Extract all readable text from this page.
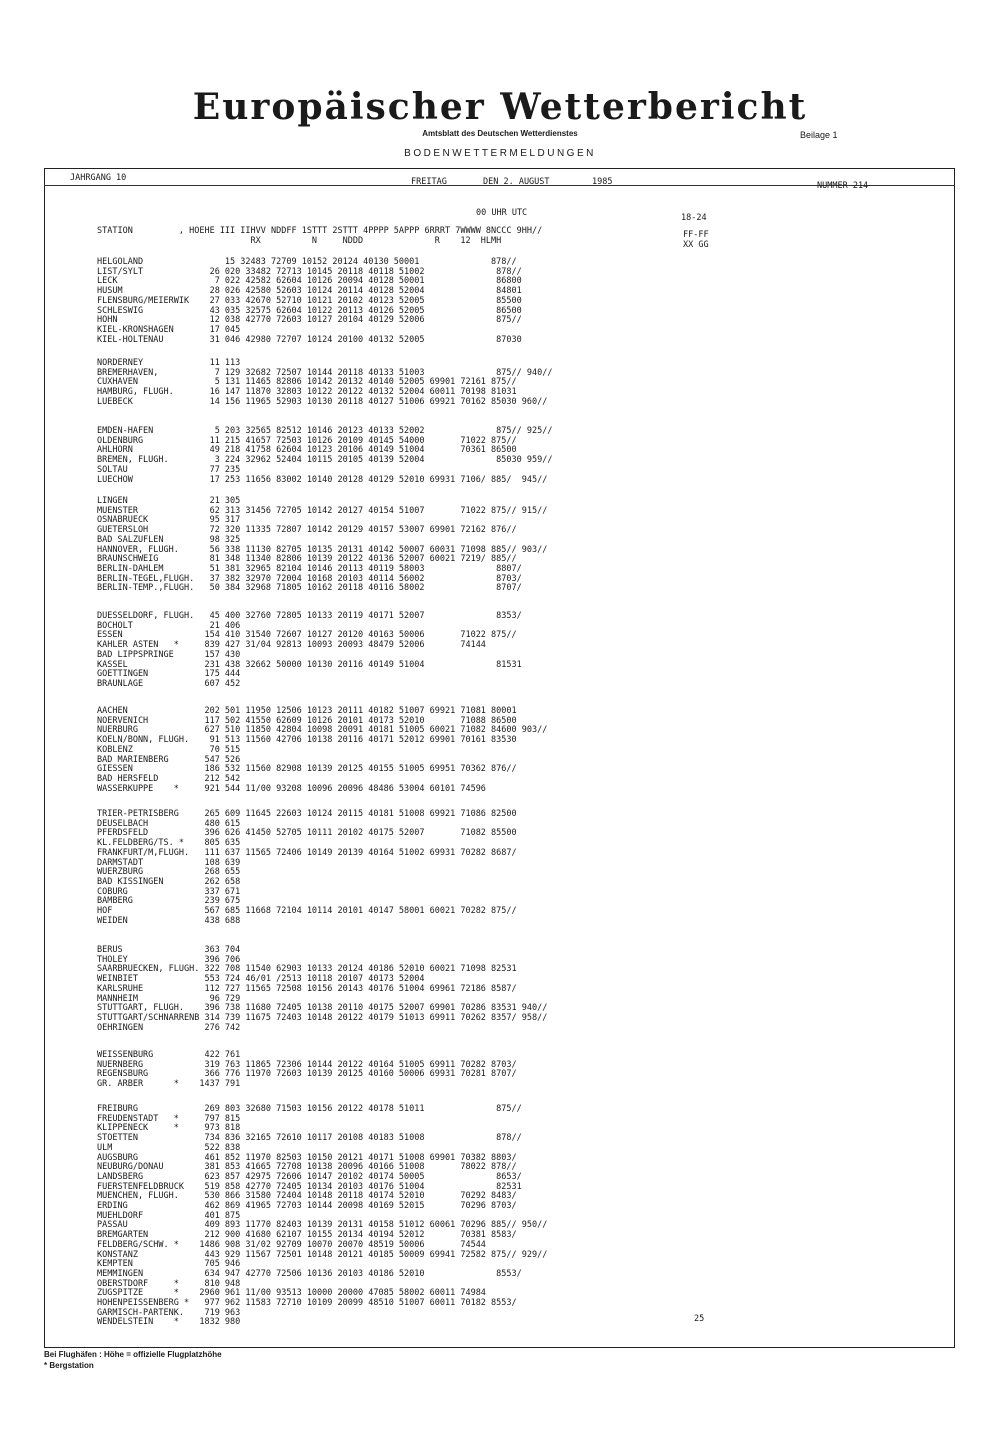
Europäischer Wetterbericht
Amtsblatt des Deutschen Wetterdienstes	Beilage 1
BODENWETTERMELDUNGEN
JAHRGANG 10	FREITAG	DEN 2. AUGUST	1985	NUMMER 214
00 UHR UTC	18-24
STATION         , HOEHE III IIHVV NDDFF 1STTT 2STTT 4PPPP 5APPP 6RRRT 7WWWW 8NCCC 9HH//
RX          N     NDDD              R    12  HLMH
FF-FF
XX GG
HELGOLAND                15 32483 72709 10152 20124 40130 50001              878//
LIST/SYLT             26 020 33482 72713 10145 20118 40118 51002              878//
LECK                   7 022 42582 62604 10126 20094 40128 50001              86800
HUSUM                 28 026 42580 52603 10124 20114 40128 52004              84801
FLENSBURG/MEIERWIK    27 033 42670 52710 10121 20102 40123 52005              85500
SCHLESWIG             43 035 32575 62604 10122 20113 40126 52005              86500
HOHN                  12 038 42770 72603 10127 20104 40129 52006              875//
KIEL-KRONSHAGEN       17 045
KIEL-HOLTENAU         31 046 42980 72707 10124 20100 40132 52005              87030
NORDERNEY             11 113
BREMERHAVEN,           7 129 32682 72507 10144 20118 40133 51003              875// 940//
CUXHAVEN               5 131 11465 82806 10142 20132 40140 52005 69901 72161 875//
HAMBURG, FLUGH.       16 147 11870 32803 10122 20122 40132 52004 60011 70198 81031
LUEBECK               14 156 11965 52903 10130 20118 40127 51006 69921 70162 85030 960//
EMDEN-HAFEN            5 203 32565 82512 10146 20123 40133 52002              875// 925//
OLDENBURG             11 215 41657 72503 10126 20109 40145 54000       71022 875//
AHLHORN               49 218 41758 62604 10123 20106 40149 51004       70361 86500
BREMEN, FLUGH.         3 224 32962 52404 10115 20105 40139 52004              85030 959//
SOLTAU                77 235
LUECHOW               17 253 11656 83002 10140 20128 40129 52010 69931 7106/ 885/  945//
LINGEN                21 305
MUENSTER              62 313 31456 72705 10142 20127 40154 51007       71022 875// 915//
OSNABRUECK            95 317
GUETERSLOH            72 320 11335 72807 10142 20129 40157 53007 69901 72162 876//
BAD SALZUFLEN         98 325
HANNOVER, FLUGH.      56 338 11130 82705 10135 20131 40142 50007 60031 71098 885// 903//
BRAUNSCHWEIG          81 348 11340 82806 10139 20122 40136 52007 60021 7219/ 885//
BERLIN-DAHLEM         51 381 32965 82104 10146 20113 40119 58003              8807/
BERLIN-TEGEL,FLUGH.   37 382 32970 72004 10168 20103 40114 56002              8703/
BERLIN-TEMP.,FLUGH.   50 384 32968 71805 10162 20118 40116 58002              8707/
DUESSELDORF, FLUGH.   45 400 32760 72805 10133 20119 40171 52007              8353/
BOCHOLT               21 406
ESSEN                154 410 31540 72607 10127 20120 40163 50006       71022 875//
KAHLER ASTEN   *     839 427 31/04 92813 10093 20093 48479 52006       74144
BAD LIPPSPRINGE      157 430
KASSEL               231 438 32662 50000 10130 20116 40149 51004              81531
GOETTINGEN           175 444
BRAUNLAGE            607 452
AACHEN               202 501 11950 12506 10123 20111 40182 51007 69921 71081 80001
NOERVENICH           117 502 41550 62609 10126 20101 40173 52010       71088 86500
NUERBURG             627 510 11850 42804 10098 20091 40181 51005 60021 71082 84600 903//
KOELN/BONN, FLUGH.    91 513 11560 42706 10138 20116 40171 52012 69901 70161 83530
KOBLENZ               70 515
BAD MARIENBERG       547 526
GIESSEN              186 532 11560 82908 10139 20125 40155 51005 69951 70362 876//
BAD HERSFELD         212 542
WASSERKUPPE    *     921 544 11/00 93208 10096 20096 48486 53004 60101 74596
TRIER-PETRISBERG     265 609 11645 22603 10124 20115 40181 51008 69921 71086 82500
DEUSELBACH           480 615
PFERDSFELD           396 626 41450 52705 10111 20102 40175 52007       71082 85500
KL.FELDBERG/TS. *    805 635
FRANKFURT/M,FLUGH.   111 637 11565 72406 10149 20139 40164 51002 69931 70282 8687/
DARMSTADT            108 639
WUERZBURG            268 655
BAD KISSINGEN        262 658
COBURG               337 671
BAMBERG              239 675
HOF                  567 685 11668 72104 10114 20101 40147 58001 60021 70282 875//
WEIDEN               438 688
BERUS                363 704
THOLEY               396 706
SAARBRUECKEN, FLUGH. 322 708 11540 62903 10133 20124 40186 52010 60021 71098 82531
WEINBIET             553 724 46/01 /2513 10118 20107 40173 52004
KARLSRUHE            112 727 11565 72508 10156 20143 40176 51004 69961 72186 8587/
MANNHEIM              96 729
STUTTGART, FLUGH.    396 738 11680 72405 10138 20110 40175 52007 69901 70286 83531 940//
STUTTGART/SCHNARRENB 314 739 11675 72403 10148 20122 40179 51013 69911 70262 8357/ 958//
OEHRINGEN            276 742
WEISSENBURG          422 761
NUERNBERG            319 763 11865 72306 10144 20122 40164 51005 69911 70282 8703/
REGENSBURG           366 776 11970 72603 10139 20125 40160 50006 69931 70281 8707/
GR. ARBER      *    1437 791
FREIBURG             269 803 32680 71503 10156 20122 40178 51011              875//
FREUDENSTADT   *     797 815
KLIPPENECK     *     973 818
STOETTEN             734 836 32165 72610 10117 20108 40183 51008              878//
ULM                  522 838
AUGSBURG             461 852 11970 82503 10150 20121 40171 51008 69901 70382 8803/
NEUBURG/DONAU        381 853 41665 72708 10138 20096 40166 51008       78022 878//
LANDSBERG            623 857 42975 72606 10147 20102 40174 50005              8653/
FUERSTENFELDBRUCK    519 858 42770 72405 10134 20103 40176 51004              82531
MUENCHEN, FLUGH.     530 866 31580 72404 10148 20118 40174 52010       70292 8483/
ERDING               462 869 41965 72703 10144 20098 40169 52015       70296 8703/
MUEHLDORF            401 875
PASSAU               409 893 11770 82403 10139 20131 40158 51012 60061 70296 885// 950//
BREMGARTEN           212 900 41680 62107 10155 20134 40194 52012       70381 8583/
FELDBERG/SCHW. *    1486 908 31/02 92709 10070 20070 48519 50006       74544
KONSTANZ             443 929 11567 72501 10148 20121 40185 50009 69941 72582 875// 929//
KEMPTEN              705 946
MEMMINGEN            634 947 42770 72506 10136 20103 40186 52010              8553/
OBERSTDORF     *     810 948
ZUGSPITZE      *    2960 961 11/00 93513 10000 20000 47085 58002 60011 74984
HOHENPEISSENBERG *   977 962 11583 72710 10109 20099 48510 51007 60011 70182 8553/
GARMISCH-PARTENK.    719 963
WENDELSTEIN    *    1832 980	25
Bei Flughäfen : Höhe = offizielle Flugplatzhöhe
* Bergstation
